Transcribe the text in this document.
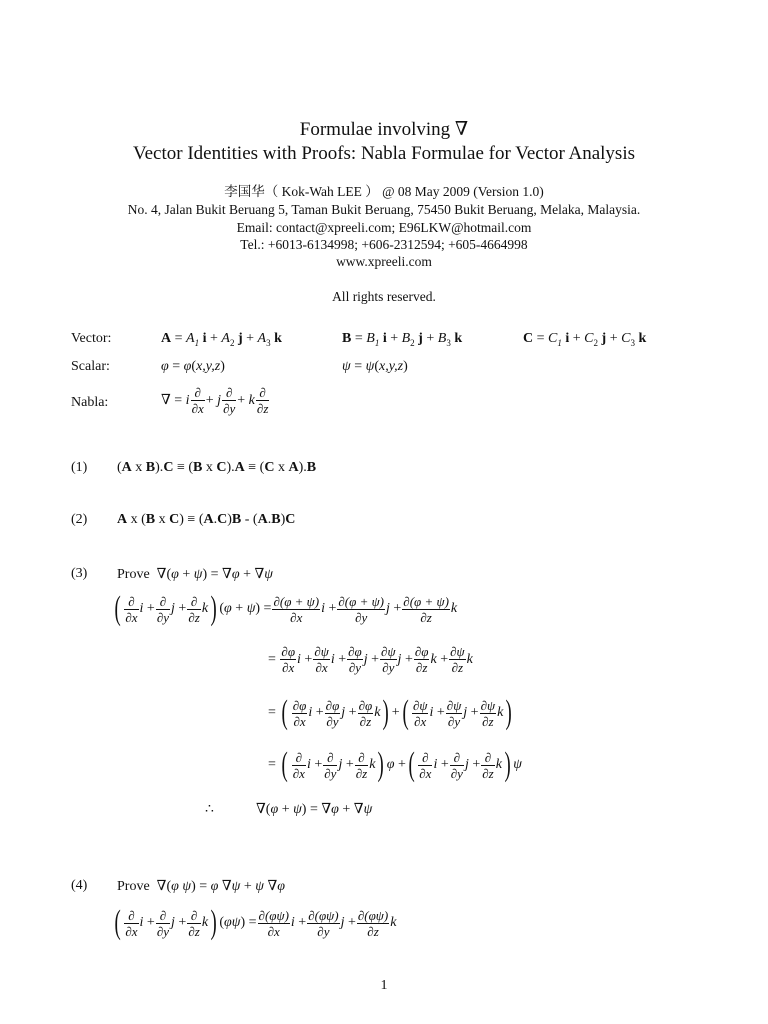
Formulae involving ∇
Vector Identities with Proofs: Nabla Formulae for Vector Analysis
李国华（ Kok-Wah LEE ） @ 08 May 2009 (Version 1.0)
No. 4, Jalan Bukit Beruang 5, Taman Bukit Beruang, 75450 Bukit Beruang, Melaka, Malaysia.
Email: contact@xpreeli.com; E96LKW@hotmail.com
Tel.: +6013-6134998; +606-2312594; +605-4664998
www.xpreeli.com
All rights reserved.
Vector:	$A = A_1$ $i + A_2$ $j + A_3$ k	$B = B_1$ $i + B_2$ $j + B_3$ k	$C = C_1$ $i + C_2$ $j + C_3$ k
Scalar:	φ = φ(x,y,z)	ψ = ψ(x,y,z)
Nabla:	∇ = i $\frac{\partial}{\partial x} + j \frac{\partial}{\partial y} + k \frac{\partial}{\partial z}$
(1) (A x B).C ≡ (B x C).A ≡ (C x A).B
(2) A x (B x C) ≡ (A.C)B - (A.B)C
(3) Prove  ∇(φ + ψ) = ∇φ + ∇ψ
( $\frac{\partial}{\partial x}$ $i + \frac{\partial}{\partial y}$ $j + \frac{\partial}{\partial z}$ k ) $(\varphi + \psi) = \frac{\partial(\varphi + \psi)}{\partial x}$ $i + \frac{\partial(\varphi + \psi)}{\partial y}$ $j + \frac{\partial(\varphi + \psi)}{\partial z}$ k
= $\frac{\partial\varphi}{\partial x}$ $i + \frac{\partial\psi}{\partial x}$ $i + \frac{\partial\varphi}{\partial y}$ $j + \frac{\partial\psi}{\partial y}$ $j + \frac{\partial\varphi}{\partial z}$ $k + \frac{\partial\psi}{\partial z}$ k
= ( $\frac{\partial\varphi}{\partial x}$ $i + \frac{\partial\varphi}{\partial y}$ $j + \frac{\partial\varphi}{\partial z}$ k ) + ( $\frac{\partial\psi}{\partial x}$ $i + \frac{\partial\psi}{\partial y}$ $j + \frac{\partial\psi}{\partial z}$ k )
= ( $\frac{\partial}{\partial x}$ $i + \frac{\partial}{\partial y}$ $j + \frac{\partial}{\partial z}$ k ) φ + ( $\frac{\partial}{\partial x}$ $i + \frac{\partial}{\partial y}$ $j + \frac{\partial}{\partial z}$ k ) ψ
∴	∇(φ + ψ) = ∇φ + ∇ψ
(4) Prove  ∇(φ ψ) = φ ∇ψ + ψ ∇φ
( $\frac{\partial}{\partial x}$ $i + \frac{\partial}{\partial y}$ $j + \frac{\partial}{\partial z}$ k ) $(\varphi\psi) = \frac{\partial(\varphi\psi)}{\partial x}$ $i + \frac{\partial(\varphi\psi)}{\partial y}$ $j + \frac{\partial(\varphi\psi)}{\partial z}$ k
1
